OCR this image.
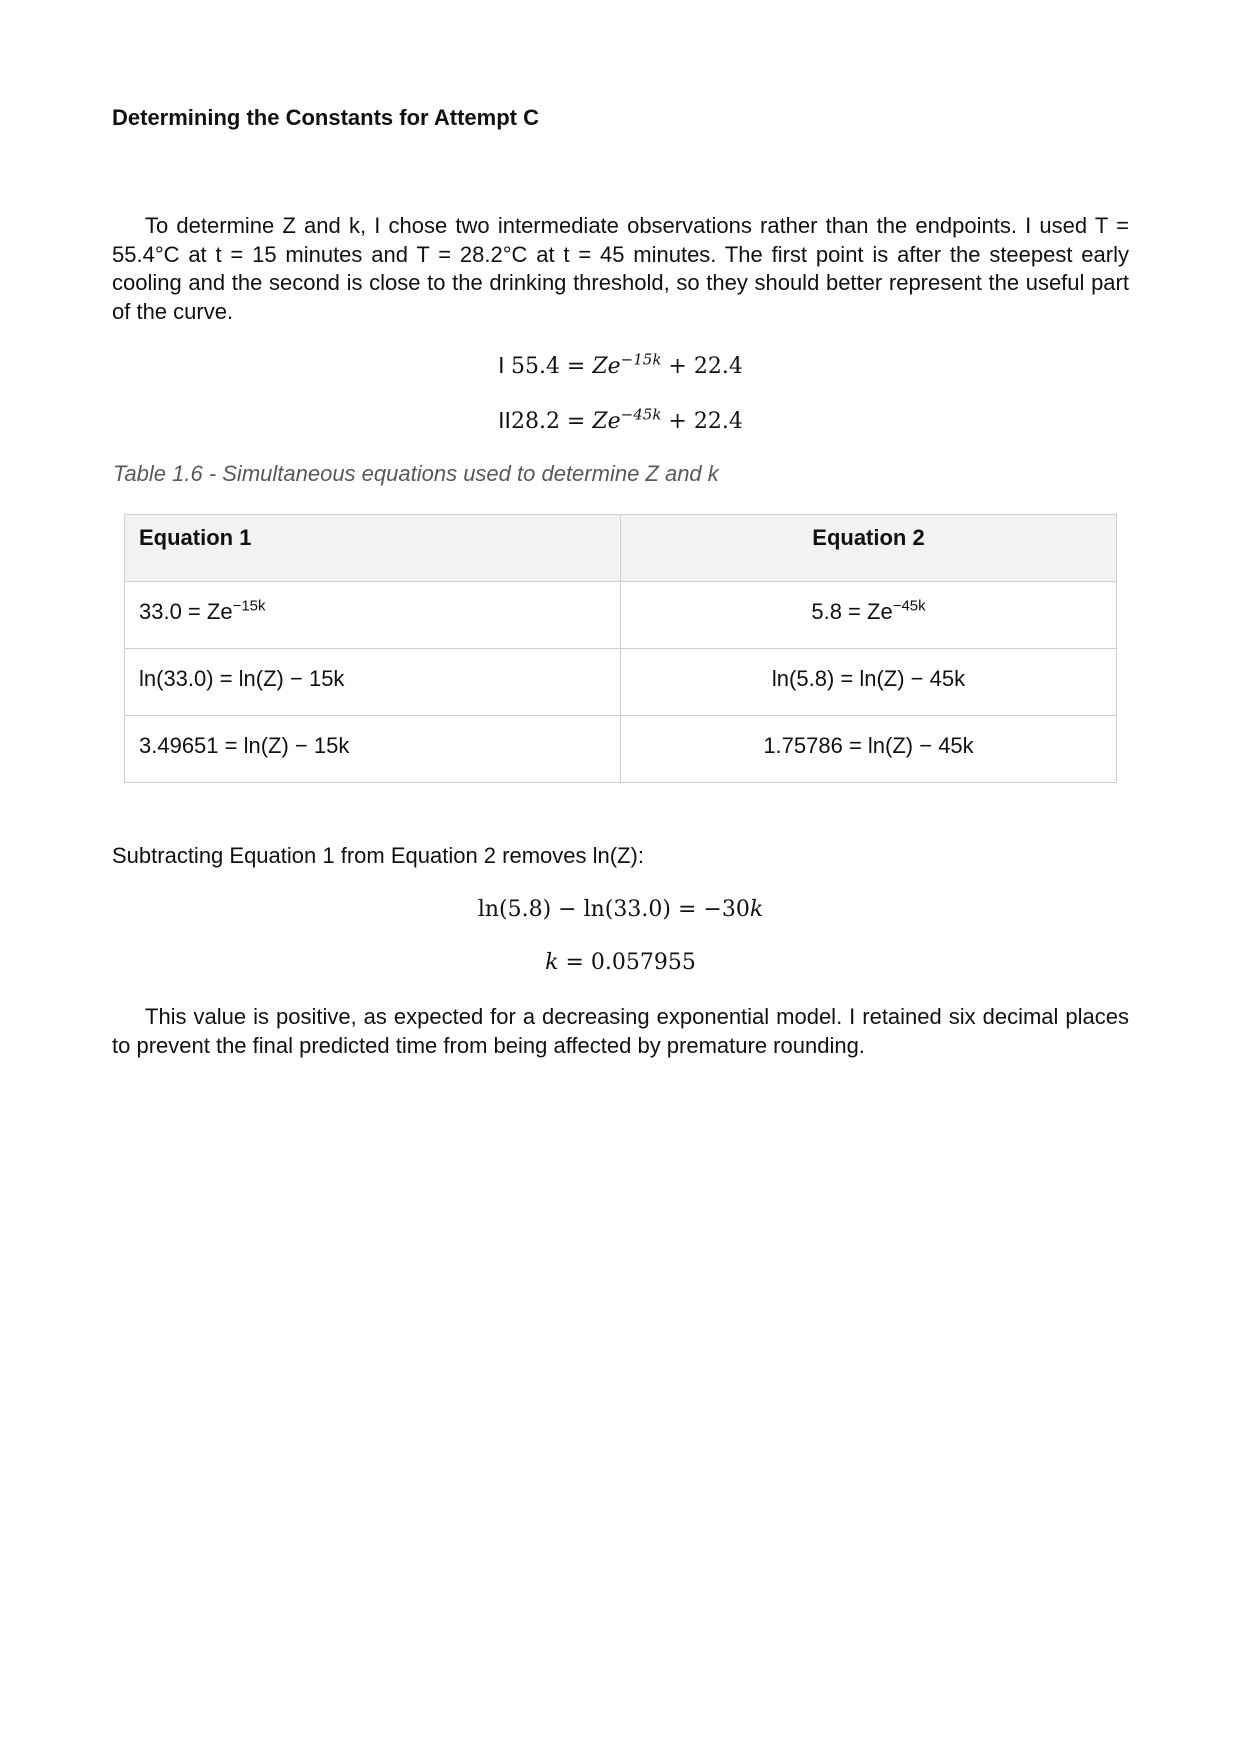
Determining the Constants for Attempt C

To determine Z and k, I chose two intermediate observations rather than the endpoints. I used T = 55.4°C at t = 15 minutes and T = 28.2°C at t = 45 minutes. The first point is after the steepest early cooling and the second is close to the drinking threshold, so they should better represent the useful part of the curve.

I $55.4 = Ze^{-15k} + 22.4$
$II28.2 = Ze^{-45k} + 22.4$
Table 1.6 - Simultaneous equations used to determine Z and k
Equation 1	Equation 2
$33.0 = Ze^{-15k}$	$5.8 = Ze^{-45k}$
ln(33.0) = ln(Z) − 15k	ln(5.8) = ln(Z) − 45k
3.49651 = ln(Z) − 15k	1.75786 = ln(Z) − 45k

Subtracting Equation 1 from Equation 2 removes ln(Z):

ln(5.8) − ln(33.0) = −30k
k = 0.057955

This value is positive, as expected for a decreasing exponential model. I retained six decimal places to prevent the final predicted time from being affected by premature rounding.
